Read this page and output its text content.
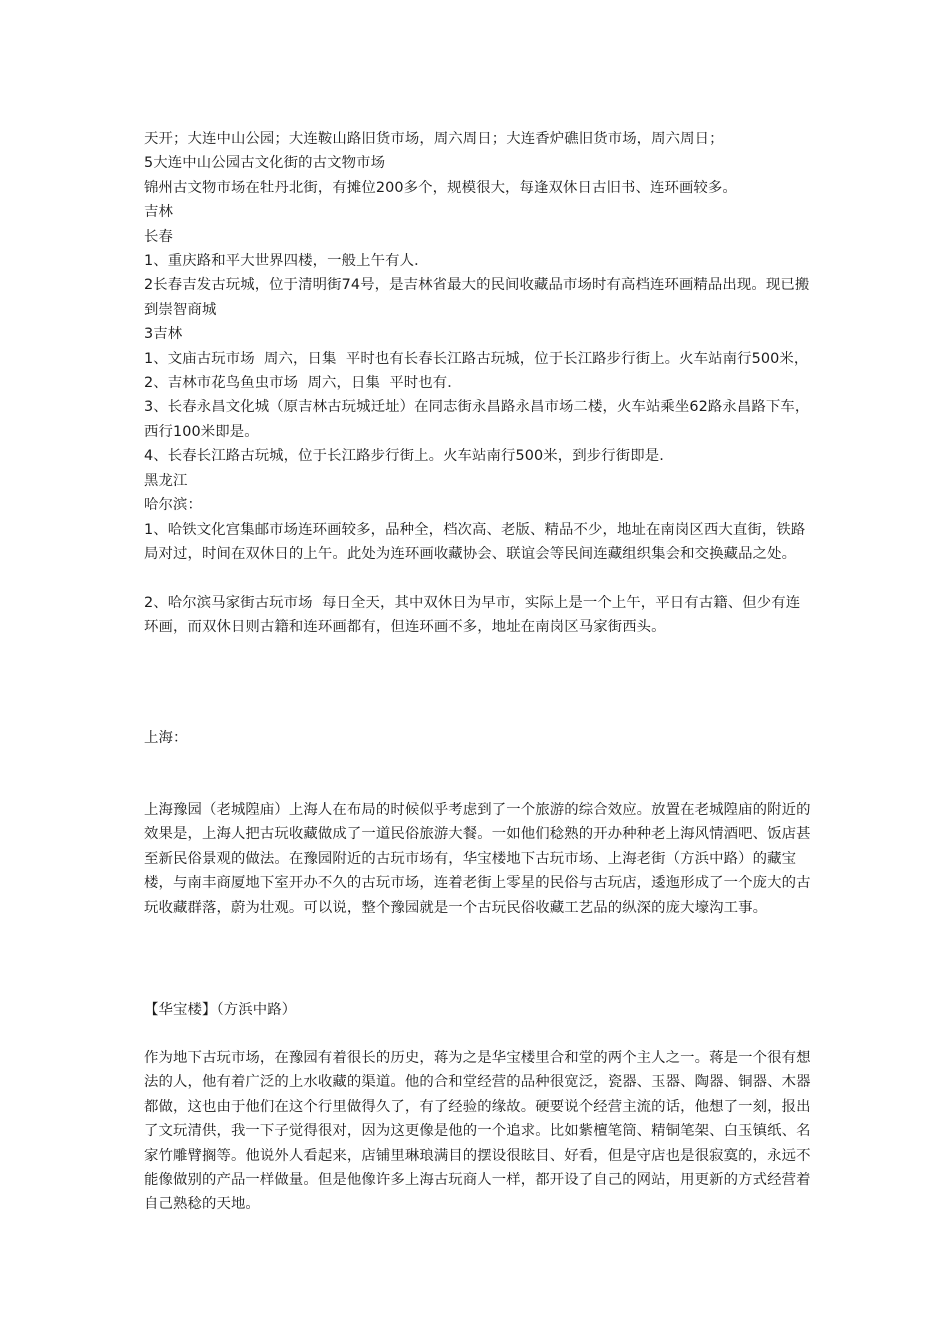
天开；大连中山公园；大连鞍山路旧货市场，周六周日；大连香炉礁旧货市场，周六周日；

5大连中山公园古文化街的古文物市场

锦州古文物市场在牡丹北街，有摊位200多个，规模很大，每逢双休日古旧书、连环画较多。

吉林

长春

1、重庆路和平大世界四楼，一般上午有人．

2长春吉发古玩城，位于清明街74号，是吉林省最大的民间收藏品市场时有高档连环画精品出现。现已搬到崇智商城

3吉林

1、文庙古玩市场  周六，日集  平时也有长春长江路古玩城，位于长江路步行街上。火车站南行500米，

2、吉林市花鸟鱼虫市场  周六，日集  平时也有．

3、长春永昌文化城（原吉林古玩城迁址）在同志街永昌路永昌市场二楼，火车站乘坐62路永昌路下车，西行100米即是。

4、长春长江路古玩城，位于长江路步行街上。火车站南行500米，到步行街即是.

黑龙江

哈尔滨：

1、哈铁文化宫集邮市场连环画较多，品种全，档次高、老版、精品不少，地址在南岗区西大直街，铁路局对过，时间在双休日的上午。此处为连环画收藏协会、联谊会等民间连藏组织集会和交换藏品之处。

2、哈尔滨马家街古玩市场  每日全天，其中双休日为早市，实际上是一个上午，平日有古籍、但少有连环画，而双休日则古籍和连环画都有，但连环画不多，地址在南岗区马家街西头。

上海：

上海豫园（老城隍庙）上海人在布局的时候似乎考虑到了一个旅游的综合效应。放置在老城隍庙的附近的效果是，上海人把古玩收藏做成了一道民俗旅游大餐。一如他们稔熟的开办种种老上海风情酒吧、饭店甚至新民俗景观的做法。在豫园附近的古玩市场有，华宝楼地下古玩市场、上海老街（方浜中路）的藏宝楼，与南丰商厦地下室开办不久的古玩市场，连着老街上零星的民俗与古玩店，逶迤形成了一个庞大的古玩收藏群落，蔚为壮观。可以说，整个豫园就是一个古玩民俗收藏工艺品的纵深的庞大壕沟工事。

【华宝楼】（方浜中路）

作为地下古玩市场，在豫园有着很长的历史，蒋为之是华宝楼里合和堂的两个主人之一。蒋是一个很有想法的人，他有着广泛的上水收藏的渠道。他的合和堂经营的品种很宽泛，瓷器、玉器、陶器、铜器、木器都做，这也由于他们在这个行里做得久了，有了经验的缘故。硬要说个经营主流的话，他想了一刻，报出了文玩清供，我一下子觉得很对，因为这更像是他的一个追求。比如紫檀笔筒、精铜笔架、白玉镇纸、名家竹雕臂搁等。他说外人看起来，店铺里琳琅满目的摆设很眩目、好看，但是守店也是很寂寞的，永远不能像做别的产品一样做量。但是他像许多上海古玩商人一样，都开设了自己的网站，用更新的方式经营着自己熟稔的天地。
